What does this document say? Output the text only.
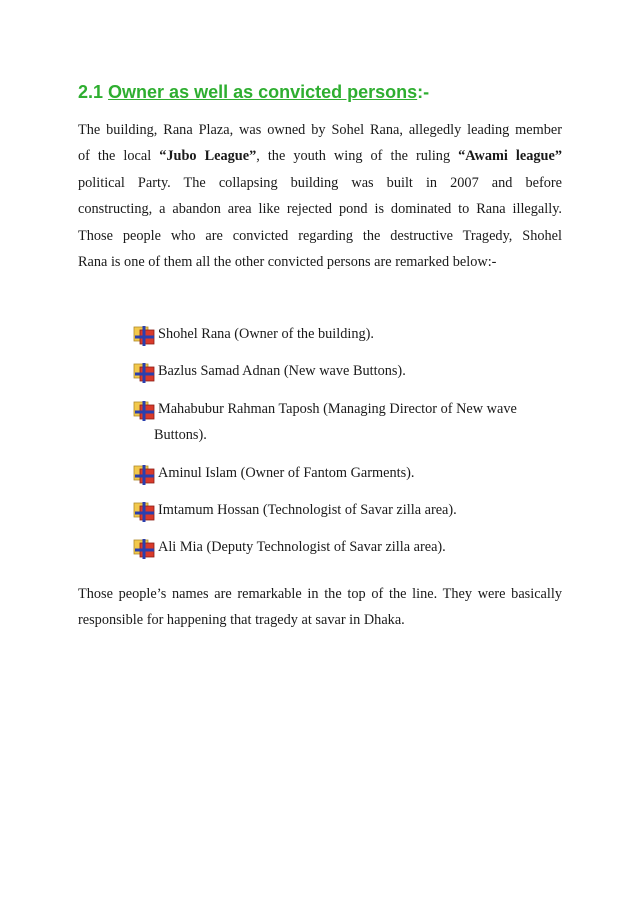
2.1 Owner as well as convicted persons:-
The building, Rana Plaza, was owned by Sohel Rana, allegedly leading member
of the local “Jubo League”, the youth wing of the ruling “Awami league”
political Party. The collapsing building was built in 2007 and before
constructing, a abandon area like rejected pond is dominated to Rana illegally.
Those people who are convicted regarding the destructive Tragedy, Shohel
Rana is one of them all the other convicted persons are remarked below:-
Shohel Rana (Owner of the building).
Bazlus Samad Adnan (New wave Buttons).
Mahabubur Rahman Taposh (Managing Director of New wave
Buttons).
Aminul Islam (Owner of Fantom Garments).
Imtamum Hossan (Technologist of Savar zilla area).
Ali Mia (Deputy Technologist of Savar zilla area).
Those people’s names are remarkable in the top of the line. They were basically
responsible for happening that tragedy at savar in Dhaka.
